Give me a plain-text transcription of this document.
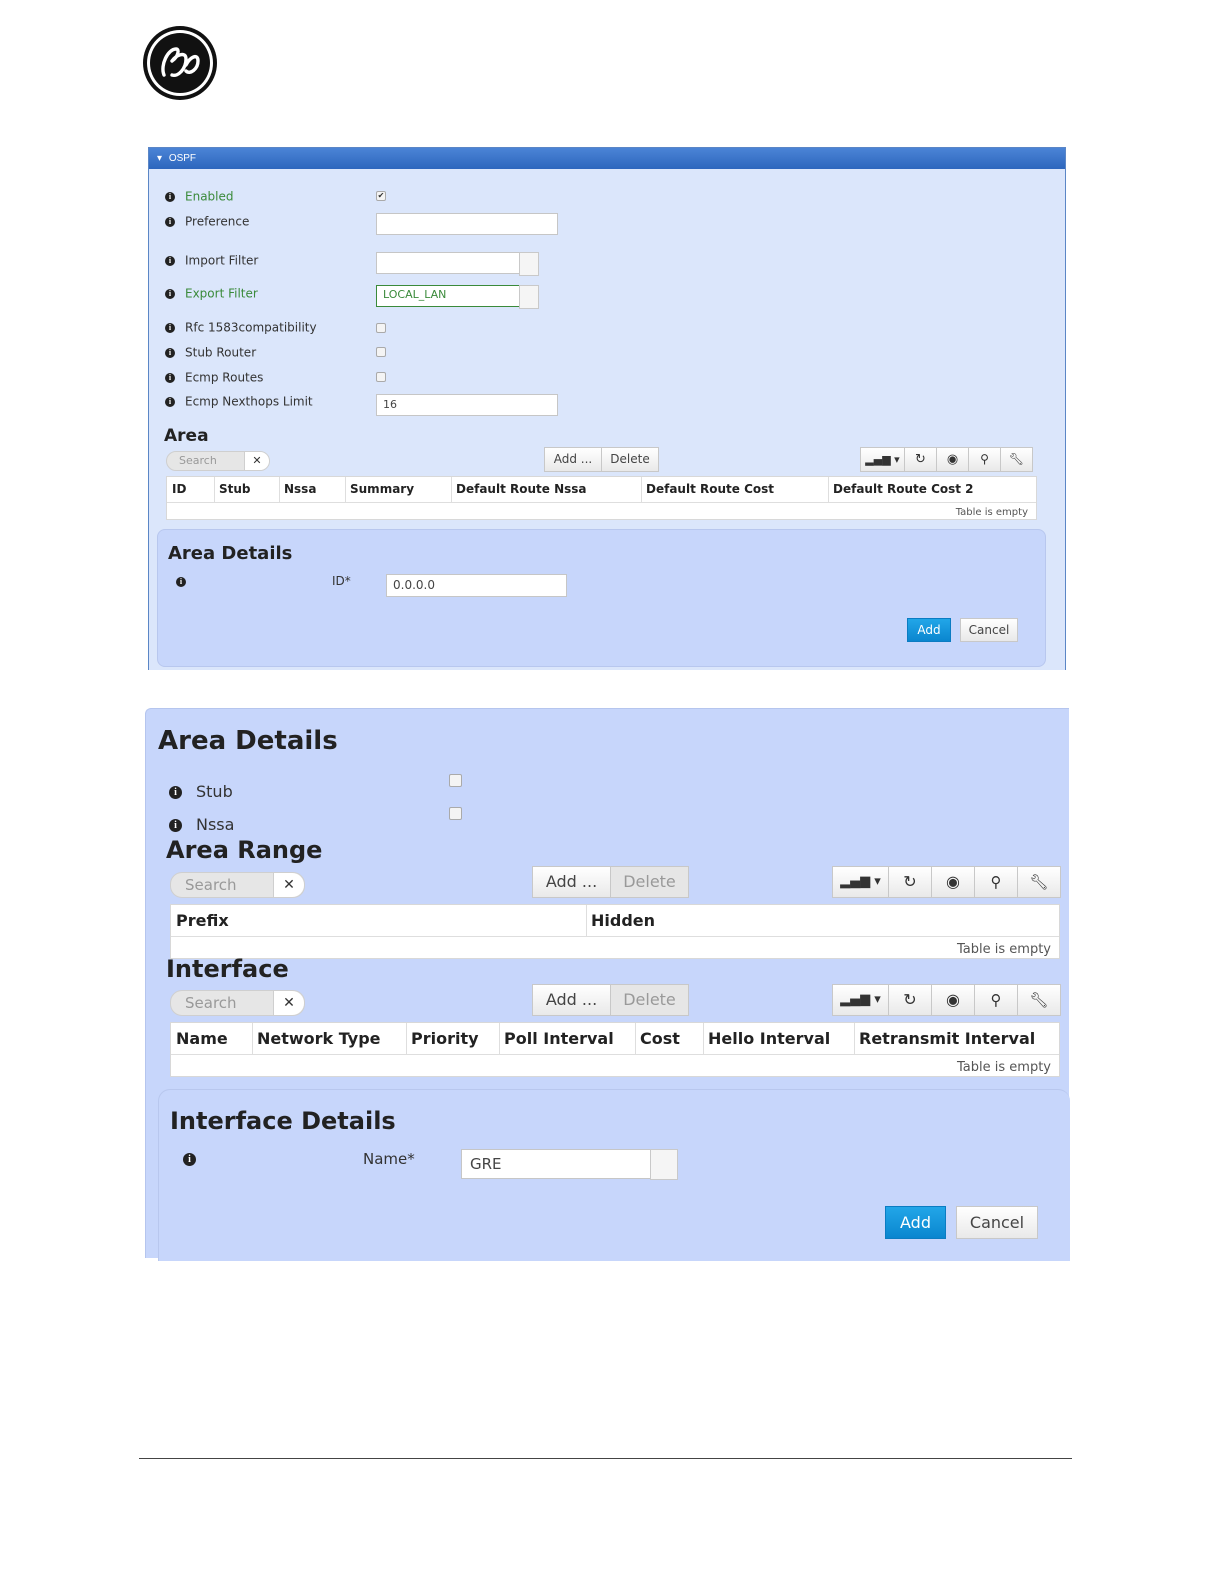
▾ OSPF
i Enabled	✔
i Preference
i Import Filter
i Export Filter	LOCAL_LAN
i Rfc 1583compatibility
i Stub Router
i Ecmp Routes
i Ecmp Nexthops Limit	16
Area
Search	✕	Add ...	Delete	▂▄▆ ▾	↻	◉	⚲	🔧︎
ID	Stub	Nssa	Summary	Default Route Nssa	Default Route Cost	Default Route Cost 2
Table is empty
Area Details
i	ID*	0.0.0.0
Add	Cancel
Area Details
i Stub
i Nssa
Area Range
Search	✕	Add ...	Delete	▂▄▆ ▾	↻	◉	⚲	🔧︎
Prefix	Hidden
Table is empty
Interface
Search	✕	Add ...	Delete	▂▄▆ ▾	↻	◉	⚲	🔧︎
Name	Network Type	Priority	Poll Interval	Cost	Hello Interval	Retransmit Interval
Table is empty
Interface Details
i	Name*	GRE
Add	Cancel
